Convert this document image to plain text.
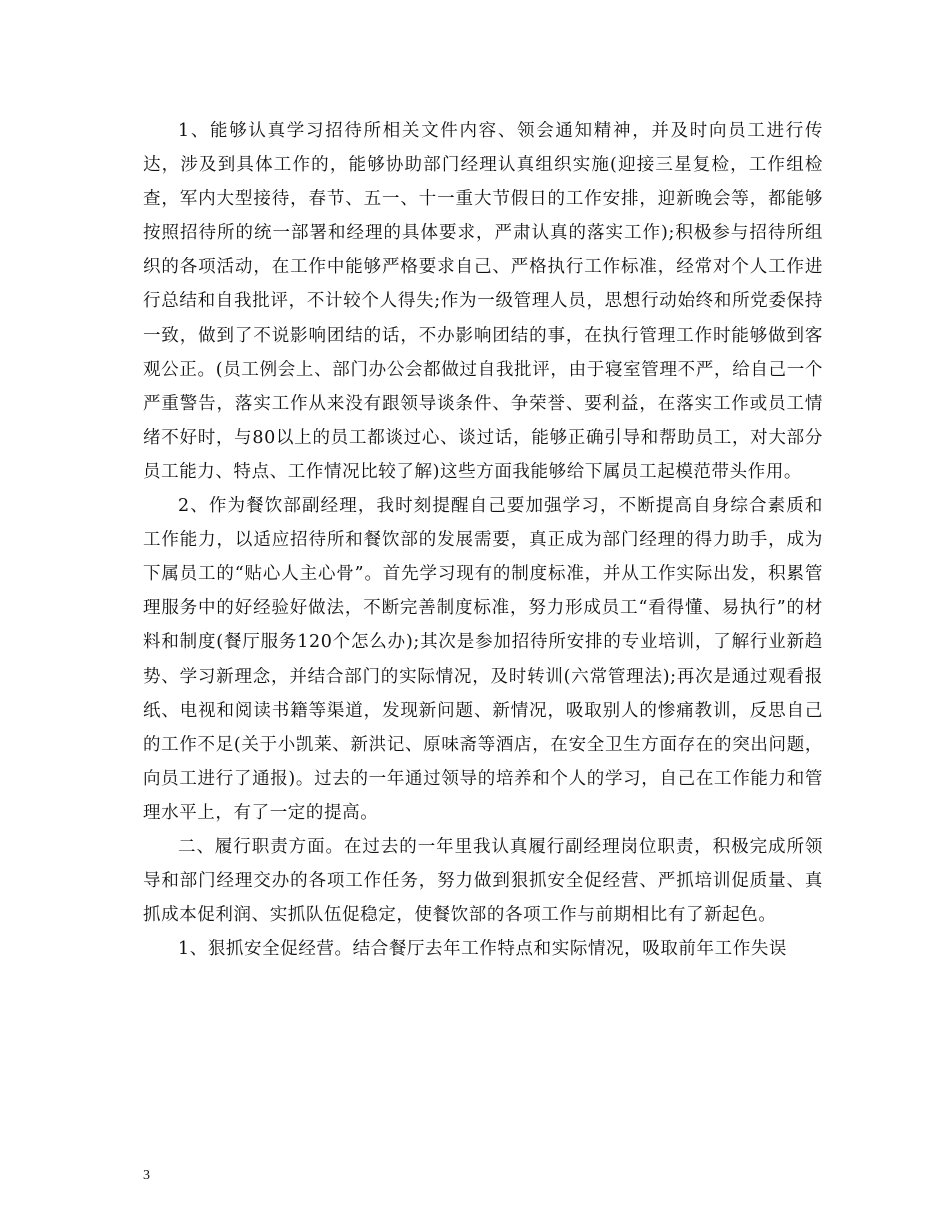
1、能够认真学习招待所相关文件内容、领会通知精神，并及时向员工进行传达，涉及到具体工作的，能够协助部门经理认真组织实施(迎接三星复检，工作组检查，军内大型接待，春节、五一、十一重大节假日的工作安排，迎新晚会等，都能够按照招待所的统一部署和经理的具体要求，严肃认真的落实工作);积极参与招待所组织的各项活动，在工作中能够严格要求自己、严格执行工作标准，经常对个人工作进行总结和自我批评，不计较个人得失;作为一级管理人员，思想行动始终和所党委保持一致，做到了不说影响团结的话，不办影响团结的事，在执行管理工作时能够做到客观公正。(员工例会上、部门办公会都做过自我批评，由于寝室管理不严，给自己一个严重警告，落实工作从来没有跟领导谈条件、争荣誉、要利益，在落实工作或员工情绪不好时，与80以上的员工都谈过心、谈过话，能够正确引导和帮助员工，对大部分员工能力、特点、工作情况比较了解)这些方面我能够给下属员工起模范带头作用。

2、作为餐饮部副经理，我时刻提醒自己要加强学习，不断提高自身综合素质和工作能力，以适应招待所和餐饮部的发展需要，真正成为部门经理的得力助手，成为下属员工的“贴心人主心骨”。首先学习现有的制度标准，并从工作实际出发，积累管理服务中的好经验好做法，不断完善制度标准，努力形成员工“看得懂、易执行”的材料和制度(餐厅服务120个怎么办);其次是参加招待所安排的专业培训，了解行业新趋势、学习新理念，并结合部门的实际情况，及时转训(六常管理法);再次是通过观看报纸、电视和阅读书籍等渠道，发现新问题、新情况，吸取别人的惨痛教训，反思自己的工作不足(关于小凯莱、新洪记、原味斋等酒店，在安全卫生方面存在的突出问题，向员工进行了通报)。过去的一年通过领导的培养和个人的学习，自己在工作能力和管理水平上，有了一定的提高。

二、履行职责方面。在过去的一年里我认真履行副经理岗位职责，积极完成所领导和部门经理交办的各项工作任务，努力做到狠抓安全促经营、严抓培训促质量、真抓成本促利润、实抓队伍促稳定，使餐饮部的各项工作与前期相比有了新起色。

1、狠抓安全促经营。结合餐厅去年工作特点和实际情况，吸取前年工作失误

3
